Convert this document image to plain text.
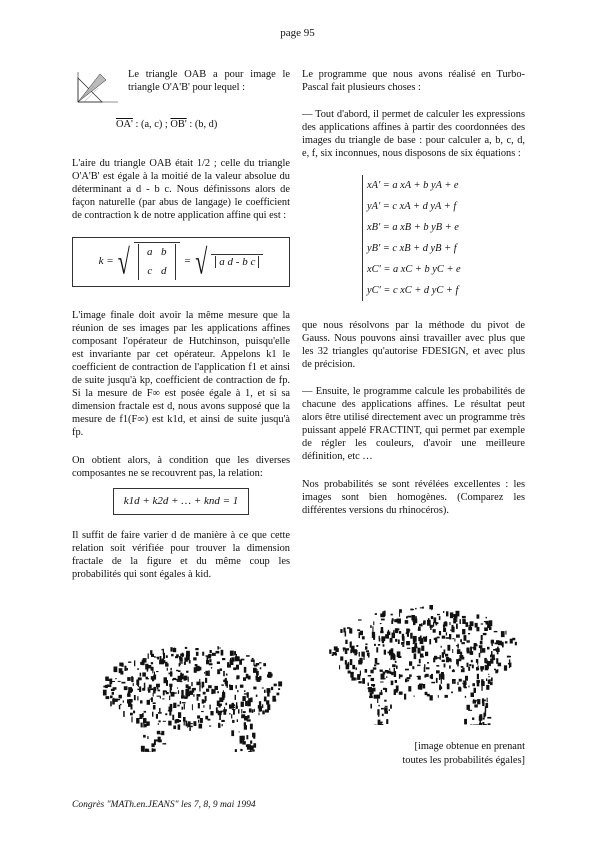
page 95
Le triangle OAB a pour image le triangle O'A'B' pour lequel :
OA' : (a, c) ; OB' : (b, d)

L'aire du triangle OAB était 1/2 ; celle du triangle O'A'B' est égale à la moitié de la valeur absolue du déterminant a d - b c. Nous définissons alors de façon naturelle (par abus de langage) le coefficient de contraction k de notre application affine qui est :

k = √	a b
c d
= √	a d - b c

L'image finale doit avoir la même mesure que la réunion de ses images par les applications affines composant l'opérateur de Hutchinson, puisqu'elle est invariante par cet opérateur. Appelons k1 le coefficient de contraction de l'application f1 et ainsi de suite jusqu'à kp, coefficient de contraction de fp. Si la mesure de F∞ est posée égale à 1, et si sa dimension fractale est d, nous avons supposé que la mesure de f1(F∞) est k1d, et ainsi de suite jusqu'à fp.

On obtient alors, à condition que les diverses composantes ne se recouvrent pas, la relation:

k1d + k2d + … + knd = 1

Il suffit de faire varier d de manière à ce que cette relation soit vérifiée pour trouver la dimension fractale de la figure et du même coup les probabilités qui sont égales à kid.

Le programme que nous avons réalisé en Turbo-Pascal fait plusieurs choses :

— Tout d'abord, il permet de calculer les expressions des applications affines à partir des coordonnées des images du triangle de base : pour calculer a, b, c, d, e, f, six inconnues, nous disposons de six équations :

xA' = a xA + b yA + e
yA' = c xA + d yA + f
xB' = a xB + b yB + e
yB' = c xB + d yB + f
xC' = a xC + b yC + e
yC' = c xC + d yC + f

que nous résolvons par la méthode du pivot de Gauss. Nous pouvons ainsi travailler avec plus que les 32 triangles qu'autorise FDESIGN, et avec plus de précision.

— Ensuite, le programme calcule les probabilités de chacune des applications affines. Le résultat peut alors être utilisé directement avec un programme très puissant appelé FRACTINT, qui permet par exemple de régler les couleurs, d'avoir une meilleure définition, etc …

Nos probabilités se sont révélées excellentes : les images sont bien homogènes. (Comparez les différentes versions du rhinocéros).

[image obtenue en prenant
toutes les probabilités égales]
Congrès "MATh.en.JEANS" les 7, 8, 9 mai 1994
